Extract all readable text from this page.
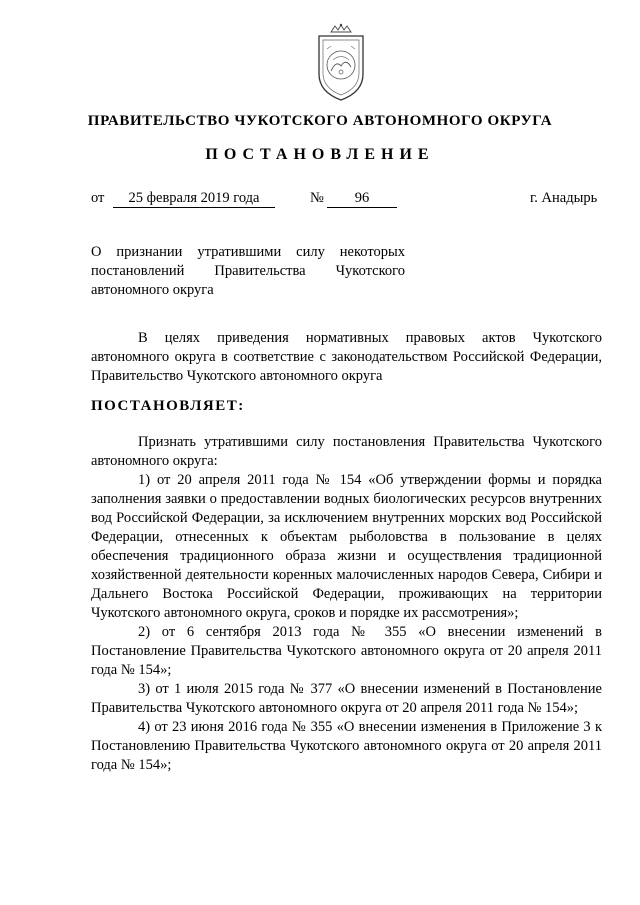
ПРАВИТЕЛЬСТВО ЧУКОТСКОГО АВТОНОМНОГО ОКРУГА
ПОСТАНОВЛЕНИЕ
от	25 февраля 2019 года	№	96	г. Анадырь
О признании утратившими силу некоторых постановлений Правительства Чукотского автономного округа

В целях приведения нормативных правовых актов Чукотского автономного округа в соответствие с законодательством Российской Федерации, Правительство Чукотского автономного округа

ПОСТАНОВЛЯЕТ:

Признать утратившими силу постановления Правительства Чукотского автономного округа:

1) от 20 апреля 2011 года № 154 «Об утверждении формы и порядка заполнения заявки о предоставлении водных биологических ресурсов внутренних вод Российской Федерации, за исключением внутренних морских вод Российской Федерации, отнесенных к объектам рыболовства в пользование в целях обеспечения традиционного образа жизни и осуществления традиционной хозяйственной деятельности коренных малочисленных народов Севера, Сибири и Дальнего Востока Российской Федерации, проживающих на территории Чукотского автономного округа, сроков и порядке их рассмотрения»;

2) от 6 сентября 2013 года № 355 «О внесении изменений в Постановление Правительства Чукотского автономного округа от 20 апреля 2011 года № 154»;

3) от 1 июля 2015 года № 377 «О внесении изменений в Постановление Правительства Чукотского автономного округа от 20 апреля 2011 года № 154»;

4) от 23 июня 2016 года № 355 «О внесении изменения в Приложение 3 к Постановлению Правительства Чукотского автономного округа от 20 апреля 2011 года № 154»;
